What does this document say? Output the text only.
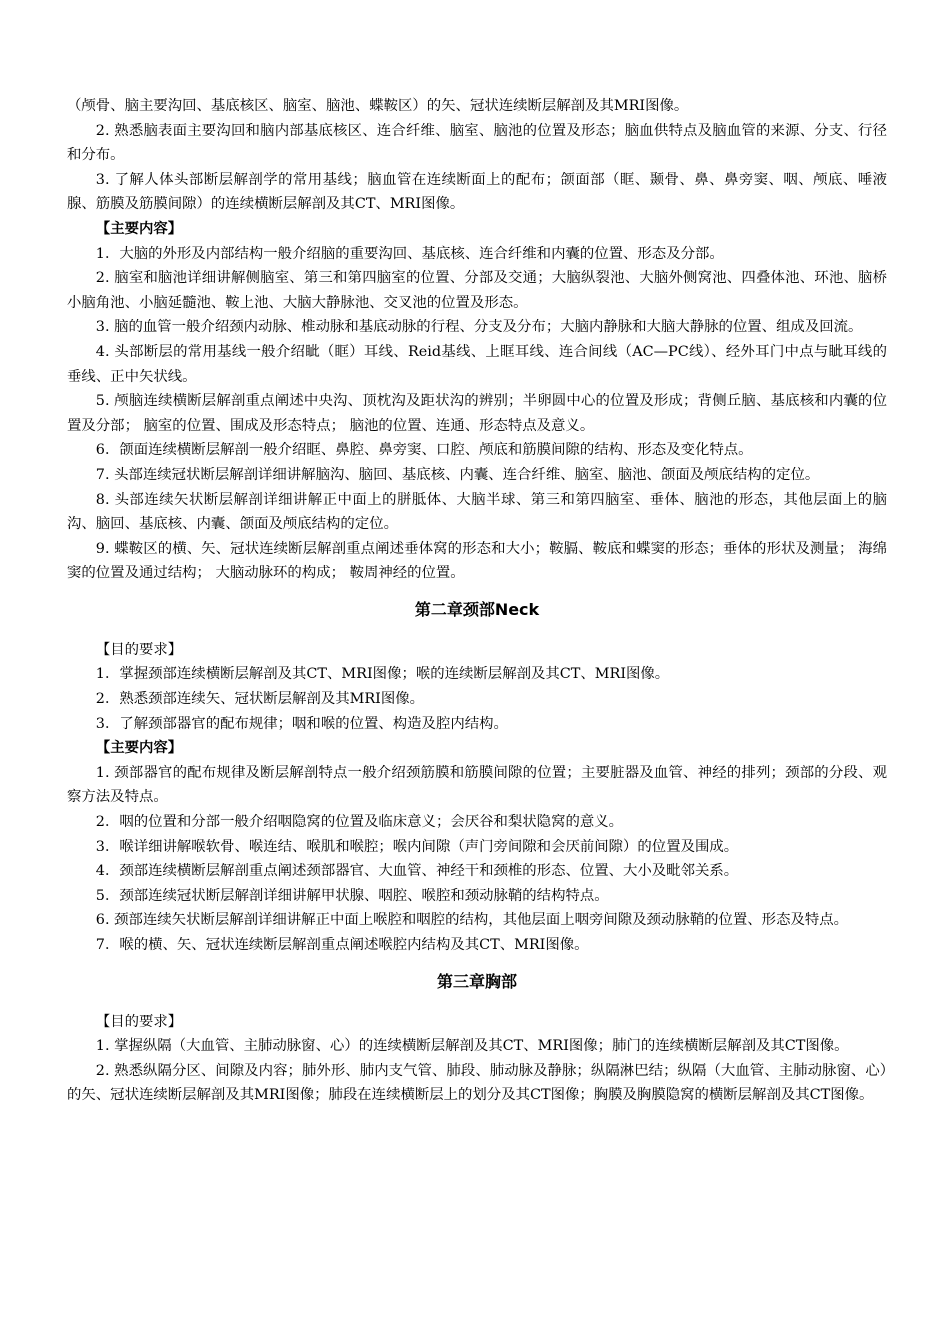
（颅骨、脑主要沟回、基底核区、脑室、脑池、蝶鞍区）的矢、冠状连续断层解剖及其MRI图像。

2. 熟悉脑表面主要沟回和脑内部基底核区、连合纤维、脑室、脑池的位置及形态；脑血供特点及脑血管的来源、分支、行径和分布。

3. 了解人体头部断层解剖学的常用基线；脑血管在连续断面上的配布；颌面部（眶、颞骨、鼻、鼻旁窦、咽、颅底、唾液腺、筋膜及筋膜间隙）的连续横断层解剖及其CT、MRI图像。

【主要内容】

1．大脑的外形及内部结构一般介绍脑的重要沟回、基底核、连合纤维和内囊的位置、形态及分部。

2. 脑室和脑池详细讲解侧脑室、第三和第四脑室的位置、分部及交通；大脑纵裂池、大脑外侧窝池、四叠体池、环池、脑桥小脑角池、小脑延髓池、鞍上池、大脑大静脉池、交叉池的位置及形态。

3. 脑的血管一般介绍颈内动脉、椎动脉和基底动脉的行程、分支及分布；大脑内静脉和大脑大静脉的位置、组成及回流。

4. 头部断层的常用基线一般介绍眦（眶）耳线、Reid基线、上眶耳线、连合间线（AC—PC线）、经外耳门中点与眦耳线的垂线、正中矢状线。

5. 颅脑连续横断层解剖重点阐述中央沟、顶枕沟及距状沟的辨别；半卵圆中心的位置及形成；背侧丘脑、基底核和内囊的位置及分部； 脑室的位置、围成及形态特点； 脑池的位置、连通、形态特点及意义。

6．颌面连续横断层解剖一般介绍眶、鼻腔、鼻旁窦、口腔、颅底和筋膜间隙的结构、形态及变化特点。

7. 头部连续冠状断层解剖详细讲解脑沟、脑回、基底核、内囊、连合纤维、脑室、脑池、颌面及颅底结构的定位。

8. 头部连续矢状断层解剖详细讲解正中面上的胼胝体、大脑半球、第三和第四脑室、垂体、脑池的形态，其他层面上的脑沟、脑回、基底核、内囊、颌面及颅底结构的定位。

9. 蝶鞍区的横、矢、冠状连续断层解剖重点阐述垂体窝的形态和大小；鞍膈、鞍底和蝶窦的形态；垂体的形状及测量； 海绵窦的位置及通过结构； 大脑动脉环的构成； 鞍周神经的位置。

第二章颈部Neck

【目的要求】

1．掌握颈部连续横断层解剖及其CT、MRI图像；喉的连续断层解剖及其CT、MRI图像。

2．熟悉颈部连续矢、冠状断层解剖及其MRI图像。

3．了解颈部器官的配布规律；咽和喉的位置、构造及腔内结构。

【主要内容】

1. 颈部器官的配布规律及断层解剖特点一般介绍颈筋膜和筋膜间隙的位置；主要脏器及血管、神经的排列；颈部的分段、观察方法及特点。

2．咽的位置和分部一般介绍咽隐窝的位置及临床意义；会厌谷和梨状隐窝的意义。

3．喉详细讲解喉软骨、喉连结、喉肌和喉腔；喉内间隙（声门旁间隙和会厌前间隙）的位置及围成。

4．颈部连续横断层解剖重点阐述颈部器官、大血管、神经干和颈椎的形态、位置、大小及毗邻关系。

5．颈部连续冠状断层解剖详细讲解甲状腺、咽腔、喉腔和颈动脉鞘的结构特点。

6. 颈部连续矢状断层解剖详细讲解正中面上喉腔和咽腔的结构，其他层面上咽旁间隙及颈动脉鞘的位置、形态及特点。

7．喉的横、矢、冠状连续断层解剖重点阐述喉腔内结构及其CT、MRI图像。

第三章胸部

【目的要求】

1. 掌握纵隔（大血管、主肺动脉窗、心）的连续横断层解剖及其CT、MRI图像；肺门的连续横断层解剖及其CT图像。

2. 熟悉纵隔分区、间隙及内容；肺外形、肺内支气管、肺段、肺动脉及静脉；纵隔淋巴结；纵隔（大血管、主肺动脉窗、心）的矢、冠状连续断层解剖及其MRI图像；肺段在连续横断层上的划分及其CT图像；胸膜及胸膜隐窝的横断层解剖及其CT图像。
